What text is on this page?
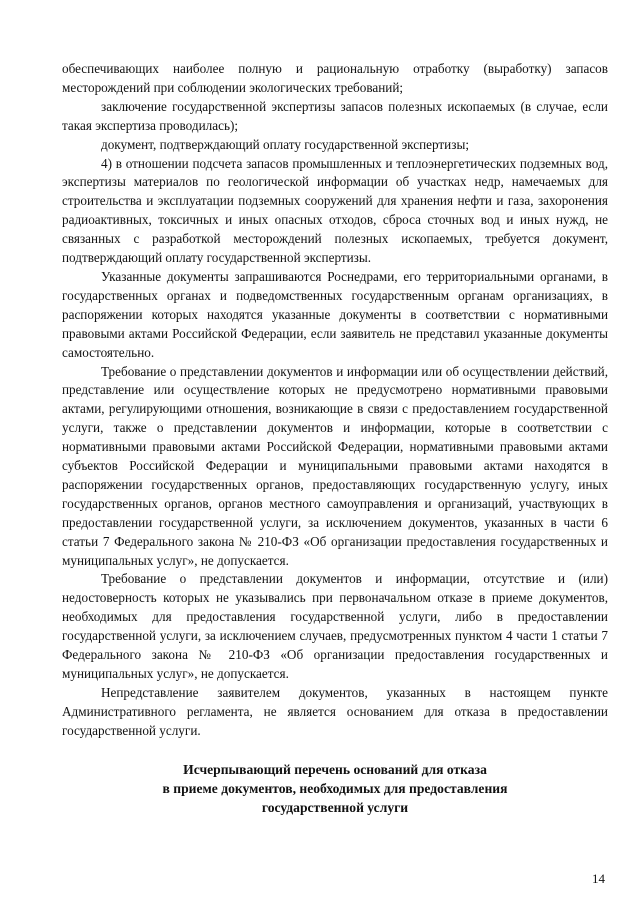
обеспечивающих наиболее полную и рациональную отработку (выработку) запасов месторождений при соблюдении экологических требований;

заключение государственной экспертизы запасов полезных ископаемых (в случае, если такая экспертиза проводилась);

документ, подтверждающий оплату государственной экспертизы;

4) в отношении подсчета запасов промышленных и теплоэнергетических подземных вод, экспертизы материалов по геологической информации об участках недр, намечаемых для строительства и эксплуатации подземных сооружений для хранения нефти и газа, захоронения радиоактивных, токсичных и иных опасных отходов, сброса сточных вод и иных нужд, не связанных с разработкой месторождений полезных ископаемых, требуется документ, подтверждающий оплату государственной экспертизы.

Указанные документы запрашиваются Роснедрами, его территориальными органами, в государственных органах и подведомственных государственным органам организациях, в распоряжении которых находятся указанные документы в соответствии с нормативными правовыми актами Российской Федерации, если заявитель не представил указанные документы самостоятельно.

Требование о представлении документов и информации или об осуществлении действий, представление или осуществление которых не предусмотрено нормативными правовыми актами, регулирующими отношения, возникающие в связи с предоставлением государственной услуги, также о представлении документов и информации, которые в соответствии с нормативными правовыми актами Российской Федерации, нормативными правовыми актами субъектов Российской Федерации и муниципальными правовыми актами находятся в распоряжении государственных органов, предоставляющих государственную услугу, иных государственных органов, органов местного самоуправления и организаций, участвующих в предоставлении государственной услуги, за исключением документов, указанных в части 6 статьи 7 Федерального закона № 210-ФЗ «Об организации предоставления государственных и муниципальных услуг», не допускается.

Требование о представлении документов и информации, отсутствие и (или) недостоверность которых не указывались при первоначальном отказе в приеме документов, необходимых для предоставления государственной услуги, либо в предоставлении государственной услуги, за исключением случаев, предусмотренных пунктом 4 части 1 статьи 7 Федерального закона № 210-ФЗ «Об организации предоставления государственных и муниципальных услуг», не допускается.

Непредставление заявителем документов, указанных в настоящем пункте Административного регламента, не является основанием для отказа в предоставлении государственной услуги.

Исчерпывающий перечень оснований для отказа
в приеме документов, необходимых для предоставления
государственной услуги
14
